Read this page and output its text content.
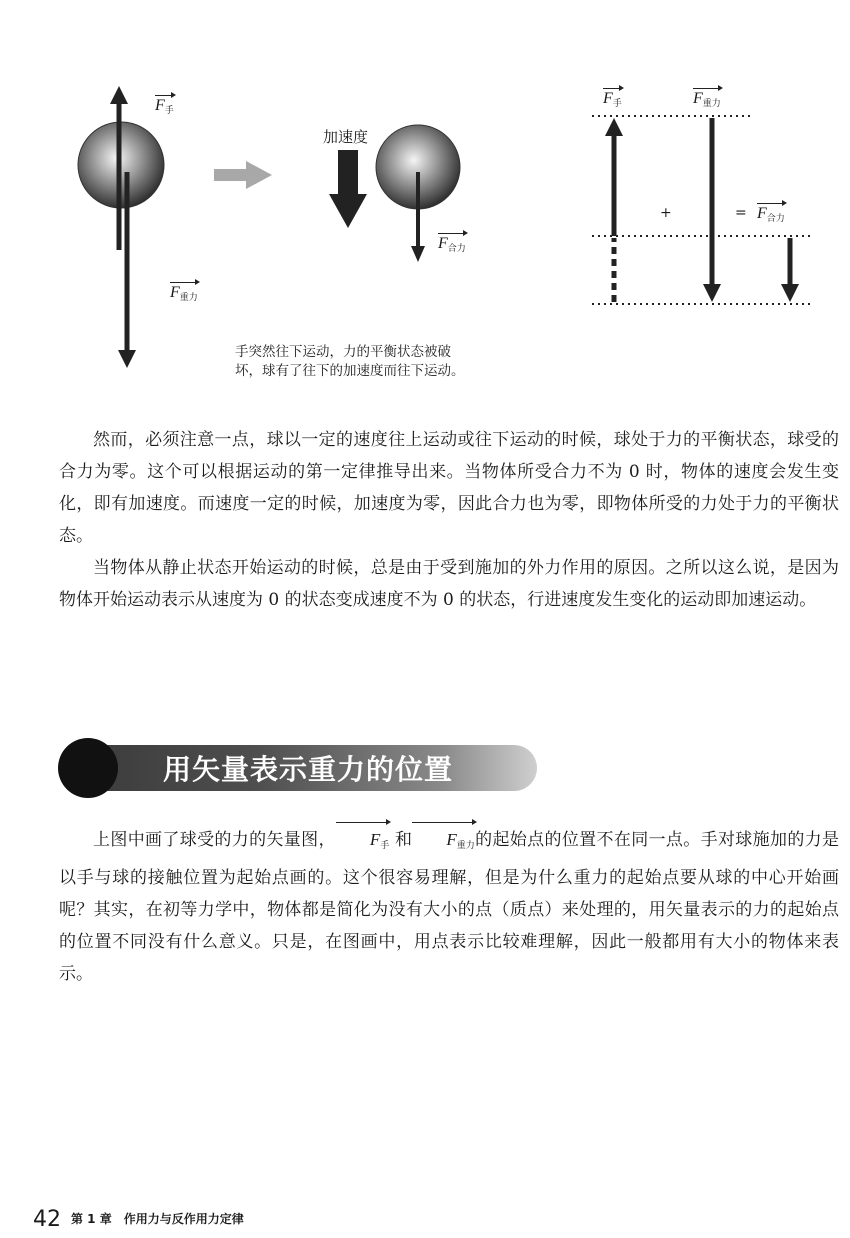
$F_手$
$F_{重力}$
加速度
$F_{合力}$
手突然往下运动，力的平衡状态被破
坏，球有了往下的加速度而往下运动。
$F_手$	$F_{重力}$
+	= $F_{合力}$

然而，必须注意一点，球以一定的速度往上运动或往下运动的时候，球处于力的平衡状态，球受的合力为零。这个可以根据运动的第一定律推导出来。当物体所受合力不为 0 时，物体的速度会发生变化，即有加速度。而速度一定的时候，加速度为零，因此合力也为零，即物体所受的力处于力的平衡状态。

当物体从静止状态开始运动的时候，总是由于受到施加的外力作用的原因。之所以这么说，是因为物体开始运动表示从速度为 0 的状态变成速度不为 0 的状态，行进速度发生变化的运动即加速运动。

用矢量表示重力的位置

上图中画了球受的力的矢量图， $F_手$ 和 $F_{重力}$的起始点的位置不在同一点。手对球施加的力是以手与球的接触位置为起始点画的。这个很容易理解，但是为什么重力的起始点要从球的中心开始画呢？其实，在初等力学中，物体都是简化为没有大小的点（质点）来处理的，用矢量表示的力的起始点的位置不同没有什么意义。只是，在图画中，用点表示比较难理解，因此一般都用有大小的物体来表示。

42 第 1 章　作用力与反作用力定律
